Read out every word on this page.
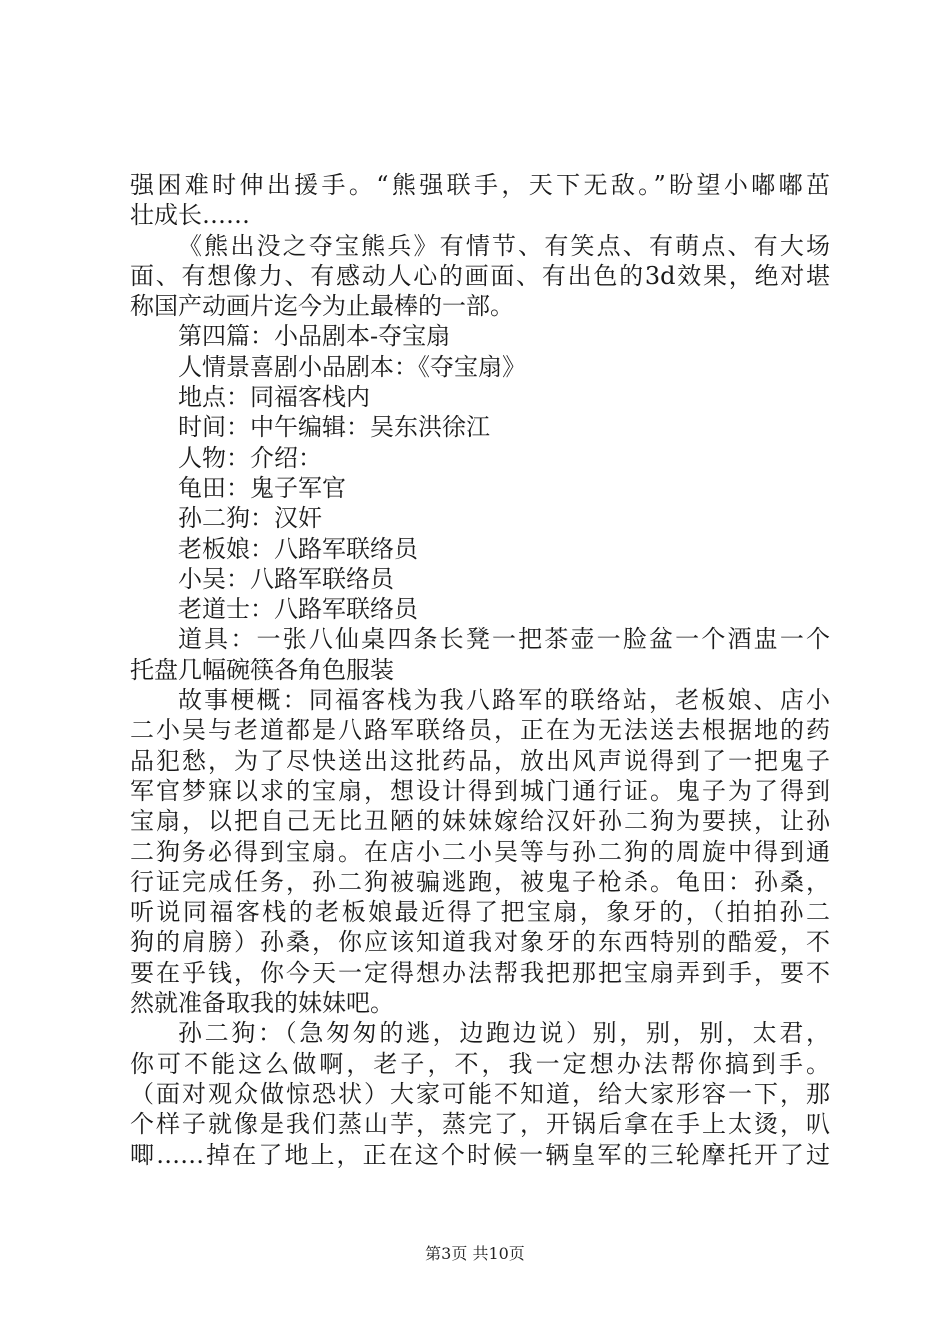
强困难时伸出援手。“熊强联手，天下无敌。”盼望小嘟嘟茁
壮成长……
《熊出没之夺宝熊兵》有情节、有笑点、有萌点、有大场
面、有想像力、有感动人心的画面、有出色的3d效果，绝对堪
称国产动画片迄今为止最棒的一部。
第四篇：小品剧本-夺宝扇
人情景喜剧小品剧本：《夺宝扇》
地点：同福客栈内
时间：中午编辑：吴东洪徐江
人物：介绍：
龟田：鬼子军官
孙二狗：汉奸
老板娘：八路军联络员
小吴：八路军联络员
老道士：八路军联络员
道具：一张八仙桌四条长凳一把茶壶一脸盆一个酒盅一个
托盘几幅碗筷各角色服装
故事梗概：同福客栈为我八路军的联络站，老板娘、店小
二小吴与老道都是八路军联络员，正在为无法送去根据地的药
品犯愁，为了尽快送出这批药品，放出风声说得到了一把鬼子
军官梦寐以求的宝扇，想设计得到城门通行证。鬼子为了得到
宝扇，以把自己无比丑陋的妹妹嫁给汉奸孙二狗为要挟，让孙
二狗务必得到宝扇。在店小二小吴等与孙二狗的周旋中得到通
行证完成任务，孙二狗被骗逃跑，被鬼子枪杀。龟田：孙桑，
听说同福客栈的老板娘最近得了把宝扇，象牙的，（拍拍孙二
狗的肩膀）孙桑，你应该知道我对象牙的东西特别的酷爱，不
要在乎钱，你今天一定得想办法帮我把那把宝扇弄到手，要不
然就准备取我的妹妹吧。
孙二狗：（急匆匆的逃，边跑边说）别，别，别，太君，
你可不能这么做啊，老子，不，我一定想办法帮你搞到手。
（面对观众做惊恐状）大家可能不知道，给大家形容一下，那
个样子就像是我们蒸山芋，蒸完了，开锅后拿在手上太烫，叭
唧……掉在了地上，正在这个时候一辆皇军的三轮摩托开了过
第3页 共10页
